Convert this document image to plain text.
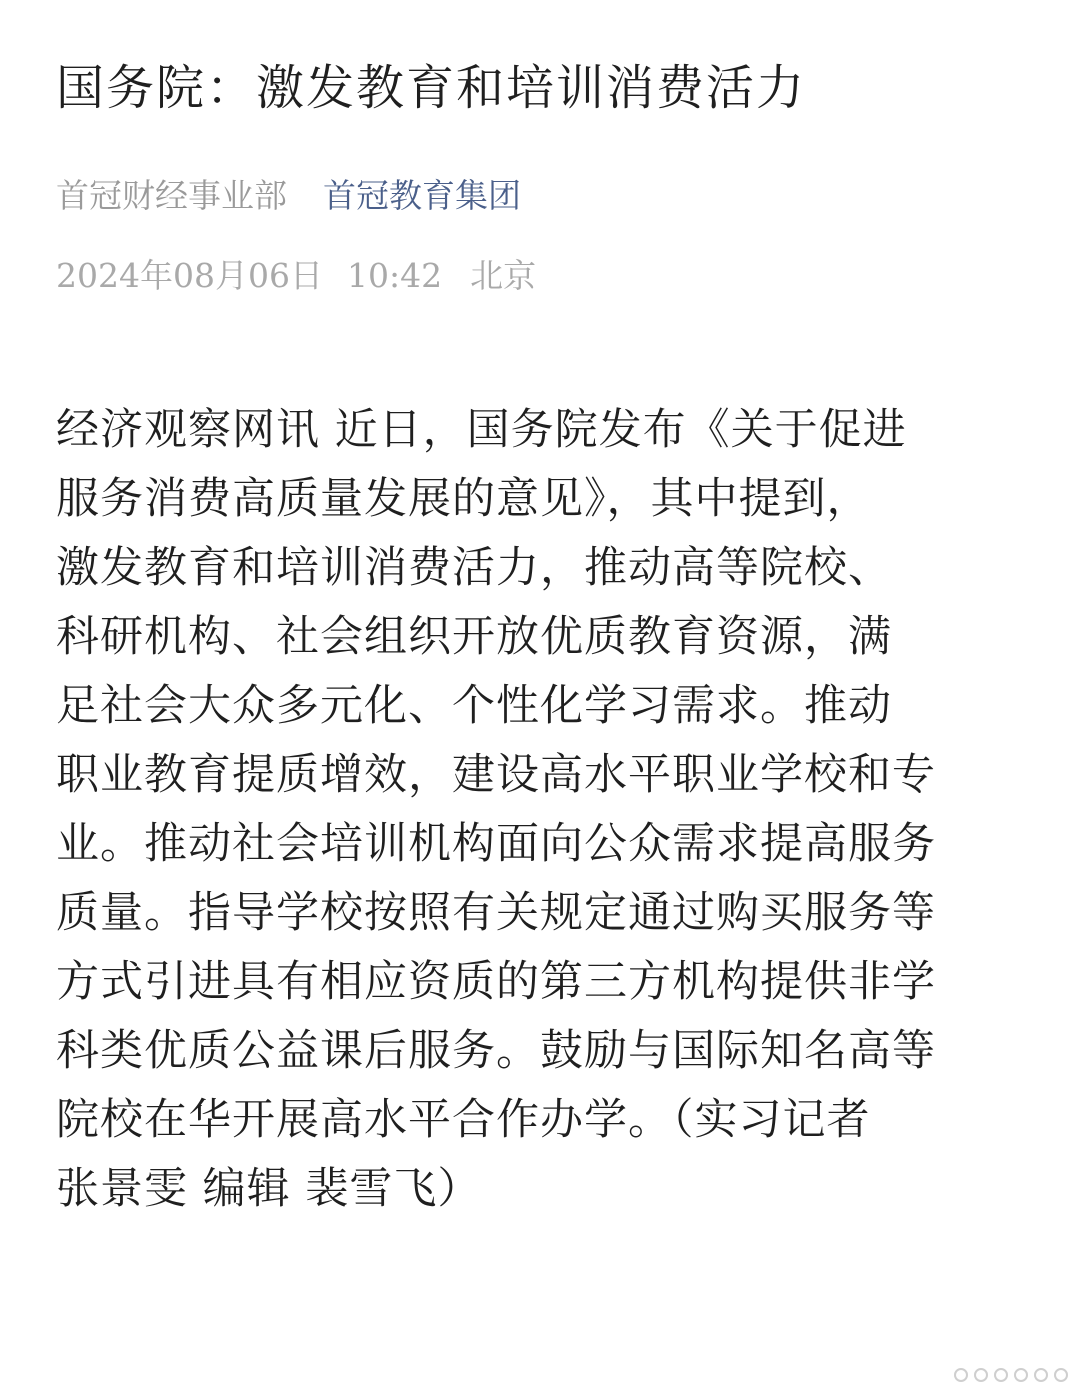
国务院：激发教育和培训消费活力
首冠财经事业部 首冠教育集团
2024年08月06日 10:42 北京
经济观察网讯 近日，国务院发布《关于促进
服务消费高质量发展的意见》，其中提到，
激发教育和培训消费活力，推动高等院校、
科研机构、社会组织开放优质教育资源，满
足社会大众多元化、个性化学习需求。推动
职业教育提质增效，建设高水平职业学校和专
业。推动社会培训机构面向公众需求提高服务
质量。指导学校按照有关规定通过购买服务等
方式引进具有相应资质的第三方机构提供非学
科类优质公益课后服务。鼓励与国际知名高等
院校在华开展高水平合作办学。（实习记者
张景雯 编辑 裴雪飞）
